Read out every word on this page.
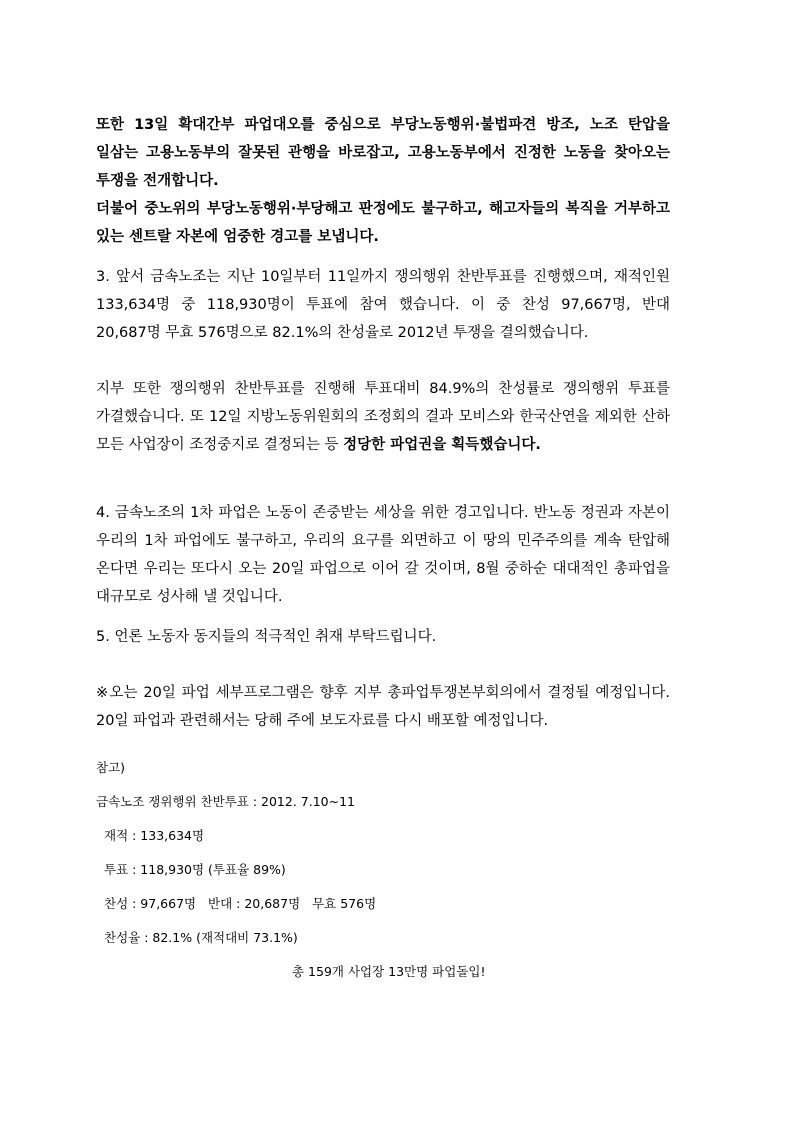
또한 13일 확대간부 파업대오를 중심으로 부당노동행위·불법파견 방조, 노조 탄압을 일삼는 고용노동부의 잘못된 관행을 바로잡고, 고용노동부에서 진정한 노동을 찾아오는 투쟁을 전개합니다.

더불어 중노위의 부당노동행위·부당해고 판정에도 불구하고, 해고자들의 복직을 거부하고 있는 센트랄 자본에 엄중한 경고를 보냅니다.

3. 앞서 금속노조는 지난 10일부터 11일까지 쟁의행위 찬반투표를 진행했으며, 재적인원 133,634명 중 118,930명이 투표에 참여 했습니다. 이 중 찬성 97,667명, 반대 20,687명 무효 576명으로 82.1%의 찬성율로 2012년 투쟁을 결의했습니다.

지부 또한 쟁의행위 찬반투표를 진행해 투표대비 84.9%의 찬성률로 쟁의행위 투표를 가결했습니다. 또 12일 지방노동위원회의 조정회의 결과 모비스와 한국산연을 제외한 산하 모든 사업장이 조정중지로 결정되는 등 정당한 파업권을 획득했습니다.

4. 금속노조의 1차 파업은 노동이 존중받는 세상을 위한 경고입니다. 반노동 정권과 자본이 우리의 1차 파업에도 불구하고, 우리의 요구를 외면하고 이 땅의 민주주의를 계속 탄압해 온다면 우리는 또다시 오는 20일 파업으로 이어 갈 것이며, 8월 중하순 대대적인 총파업을 대규모로 성사해 낼 것입니다.

5. 언론 노동자 동지들의 적극적인 취재 부탁드립니다.

※오는 20일 파업 세부프로그램은 향후 지부 총파업투쟁본부회의에서 결정될 예정입니다. 20일 파업과 관련해서는 당해 주에 보도자료를 다시 배포할 예정입니다.

참고)

금속노조 쟁위행위 찬반투표 : 2012. 7.10~11

재적 : 133,634명

투표 : 118,930명 (투표율 89%)

찬성 : 97,667명   반대 : 20,687명   무효 576명

찬성율 : 82.1% (재적대비 73.1%)

총 159개 사업장 13만명 파업돌입!
